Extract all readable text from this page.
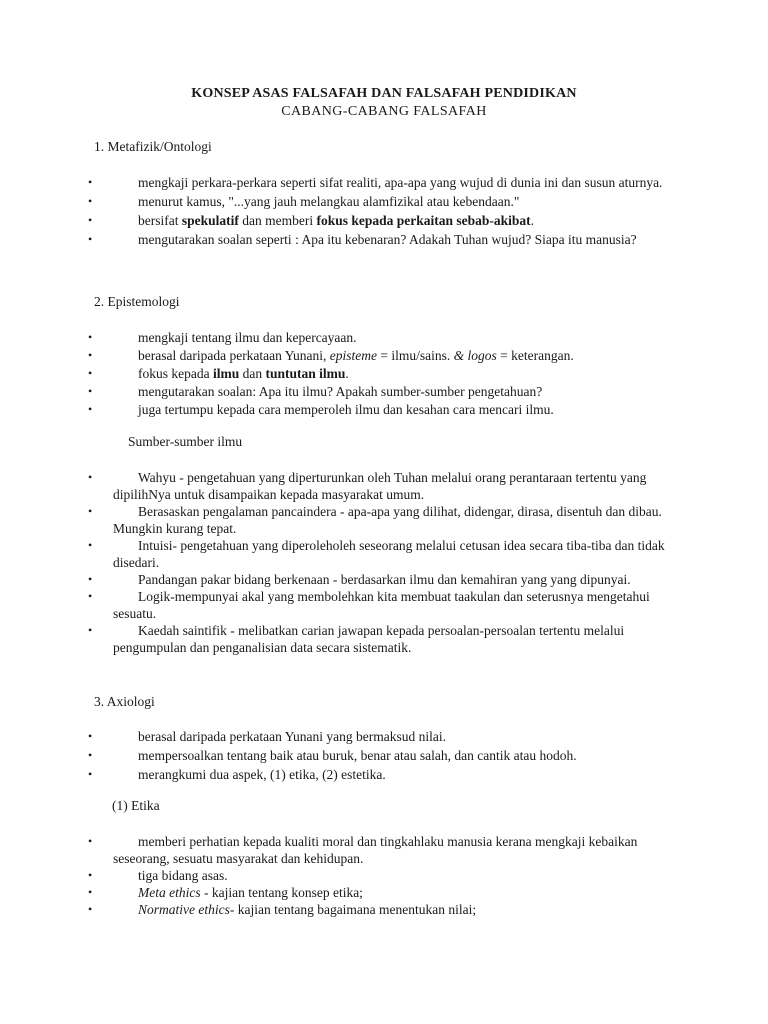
KONSEP ASAS FALSAFAH DAN FALSAFAH PENDIDIKAN
CABANG-CABANG FALSAFAH
1. Metafizik/Ontologi
•	mengkaji perkara-perkara seperti sifat realiti, apa-apa yang wujud di dunia ini dan susun aturnya.
•	menurut kamus, "...yang jauh melangkau alamfizikal atau kebendaan."
•	bersifat spekulatif dan memberi fokus kepada perkaitan sebab-akibat.
•	mengutarakan soalan seperti : Apa itu kebenaran? Adakah Tuhan wujud? Siapa itu manusia?
2. Epistemologi
•	mengkaji tentang ilmu dan kepercayaan.
•	berasal daripada perkataan Yunani, episteme = ilmu/sains. & logos = keterangan.
•	fokus kepada ilmu dan tuntutan ilmu.
•	mengutarakan soalan: Apa itu ilmu? Apakah sumber-sumber pengetahuan?
•	juga tertumpu kepada cara memperoleh ilmu dan kesahan cara mencari ilmu.
Sumber-sumber ilmu
•	Wahyu - pengetahuan yang diperturunkan oleh Tuhan melalui orang perantaraan tertentu yang dipilihNya untuk disampaikan kepada masyarakat umum.
•	Berasaskan pengalaman pancaindera - apa-apa yang dilihat, didengar, dirasa, disentuh dan dibau. Mungkin kurang tepat.
•	Intuisi- pengetahuan yang diperoleholeh seseorang melalui cetusan idea secara tiba-tiba dan tidak disedari.
•	Pandangan pakar bidang berkenaan - berdasarkan ilmu dan kemahiran yang yang dipunyai.
•	Logik-mempunyai akal yang membolehkan kita membuat taakulan dan seterusnya mengetahui sesuatu.
•	Kaedah saintifik - melibatkan carian jawapan kepada persoalan-persoalan tertentu melalui pengumpulan dan penganalisian data secara sistematik.
3. Axiologi
•	berasal daripada perkataan Yunani yang bermaksud nilai.
•	mempersoalkan tentang baik atau buruk, benar atau salah, dan cantik atau hodoh.
•	merangkumi dua aspek, (1) etika, (2) estetika.
(1) Etika
•	memberi perhatian kepada kualiti moral dan tingkahlaku manusia kerana mengkaji kebaikan seseorang, sesuatu masyarakat dan kehidupan.
•	tiga bidang asas.
•	Meta ethics - kajian tentang konsep etika;
•	Normative ethics- kajian tentang bagaimana menentukan nilai;
